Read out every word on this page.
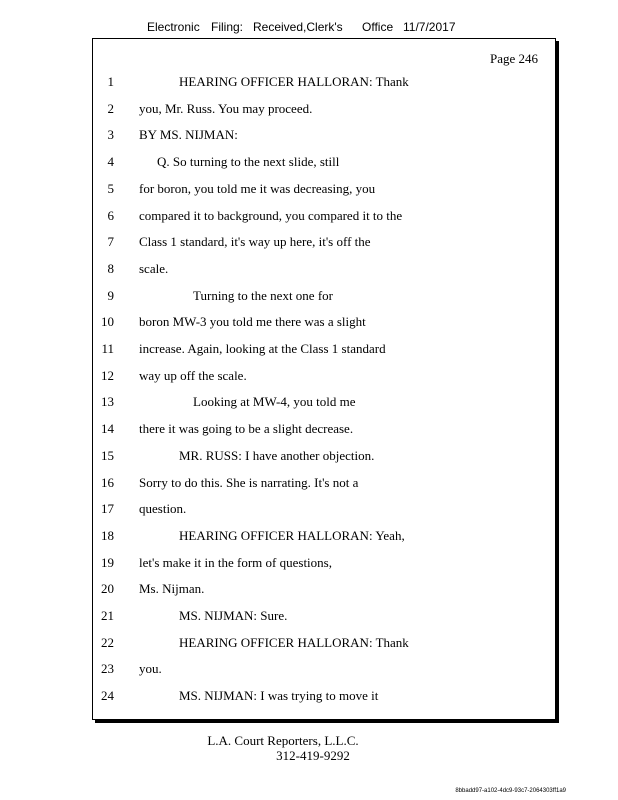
Electronic Filing: Received,Clerk's Office 11/7/2017
Page 246
1	HEARING OFFICER HALLORAN: Thank
2 you, Mr. Russ. You may proceed.
3 BY MS. NIJMAN:
4	Q. So turning to the next slide, still
5 for boron, you told me it was decreasing, you
6 compared it to background, you compared it to the
7 Class 1 standard, it's way up here, it's off the
8 scale.
9	Turning to the next one for
10 boron MW-3 you told me there was a slight
11 increase. Again, looking at the Class 1 standard
12 way up off the scale.
13	Looking at MW-4, you told me
14 there it was going to be a slight decrease.
15	MR. RUSS: I have another objection.
16 Sorry to do this. She is narrating. It's not a
17 question.
18	HEARING OFFICER HALLORAN: Yeah,
19 let's make it in the form of questions,
20 Ms. Nijman.
21	MS. NIJMAN: Sure.
22	HEARING OFFICER HALLORAN: Thank
23 you.
24	MS. NIJMAN: I was trying to move it
L.A. Court Reporters, L.L.C.
312-419-9292
8bbadd97-a102-4dc9-93c7-2064303ff1a9
